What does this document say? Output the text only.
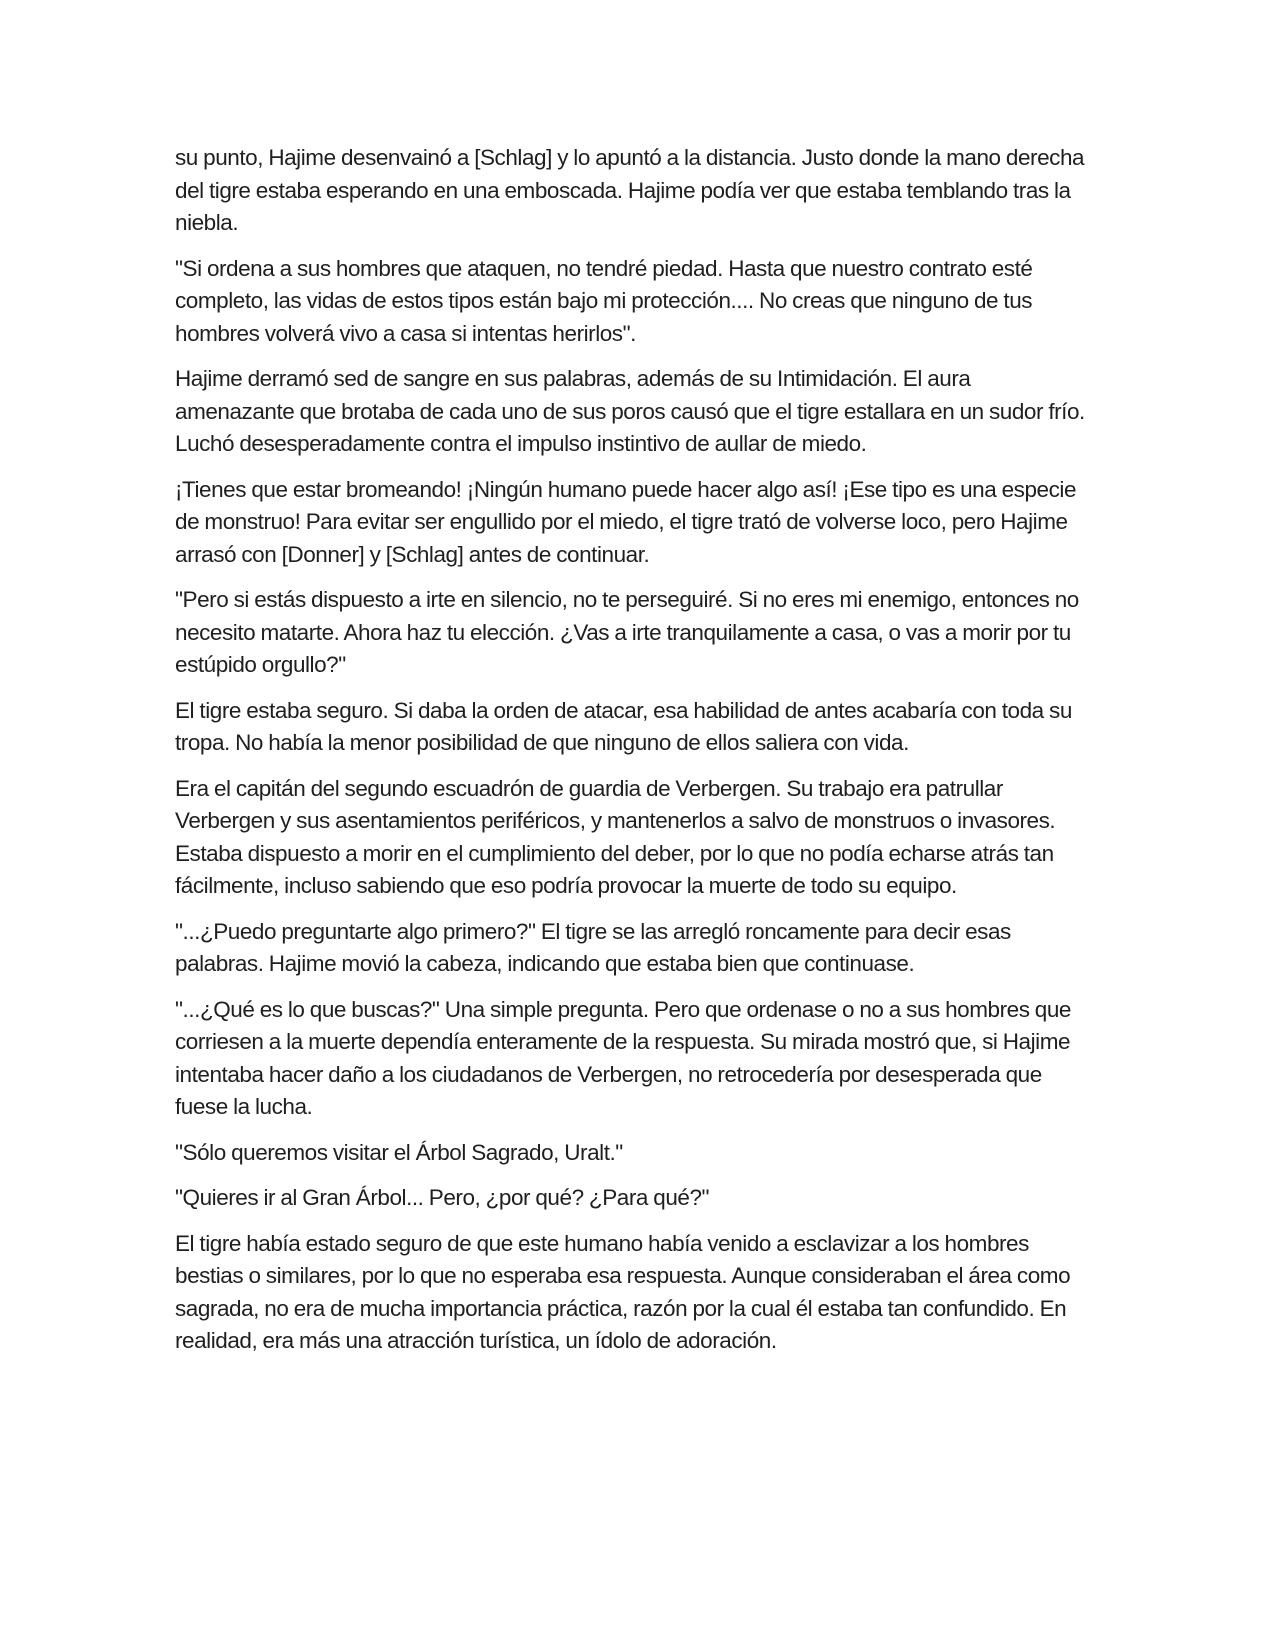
su punto, Hajime desenvainó a [Schlag] y lo apuntó a la distancia. Justo donde la mano derecha del tigre estaba esperando en una emboscada. Hajime podía ver que estaba temblando tras la niebla.

"Si ordena a sus hombres que ataquen, no tendré piedad. Hasta que nuestro contrato esté completo, las vidas de estos tipos están bajo mi protección.... No creas que ninguno de tus hombres volverá vivo a casa si intentas herirlos".

Hajime derramó sed de sangre en sus palabras, además de su Intimidación. El aura amenazante que brotaba de cada uno de sus poros causó que el tigre estallara en un sudor frío. Luchó desesperadamente contra el impulso instintivo de aullar de miedo.

¡Tienes que estar bromeando! ¡Ningún humano puede hacer algo así! ¡Ese tipo es una especie de monstruo! Para evitar ser engullido por el miedo, el tigre trató de volverse loco, pero Hajime arrasó con [Donner] y [Schlag] antes de continuar.

"Pero si estás dispuesto a irte en silencio, no te perseguiré. Si no eres mi enemigo, entonces no necesito matarte. Ahora haz tu elección. ¿Vas a irte tranquilamente a casa, o vas a morir por tu estúpido orgullo?"

El tigre estaba seguro. Si daba la orden de atacar, esa habilidad de antes acabaría con toda su tropa. No había la menor posibilidad de que ninguno de ellos saliera con vida.

Era el capitán del segundo escuadrón de guardia de Verbergen. Su trabajo era patrullar Verbergen y sus asentamientos periféricos, y mantenerlos a salvo de monstruos o invasores. Estaba dispuesto a morir en el cumplimiento del deber, por lo que no podía echarse atrás tan fácilmente, incluso sabiendo que eso podría provocar la muerte de todo su equipo.

"...¿Puedo preguntarte algo primero?" El tigre se las arregló roncamente para decir esas palabras. Hajime movió la cabeza, indicando que estaba bien que continuase.

"...¿Qué es lo que buscas?" Una simple pregunta. Pero que ordenase o no a sus hombres que corriesen a la muerte dependía enteramente de la respuesta. Su mirada mostró que, si Hajime intentaba hacer daño a los ciudadanos de Verbergen, no retrocedería por desesperada que fuese la lucha.

"Sólo queremos visitar el Árbol Sagrado, Uralt."

"Quieres ir al Gran Árbol... Pero, ¿por qué? ¿Para qué?"

El tigre había estado seguro de que este humano había venido a esclavizar a los hombres bestias o similares, por lo que no esperaba esa respuesta. Aunque consideraban el área como sagrada, no era de mucha importancia práctica, razón por la cual él estaba tan confundido. En realidad, era más una atracción turística, un ídolo de adoración.
